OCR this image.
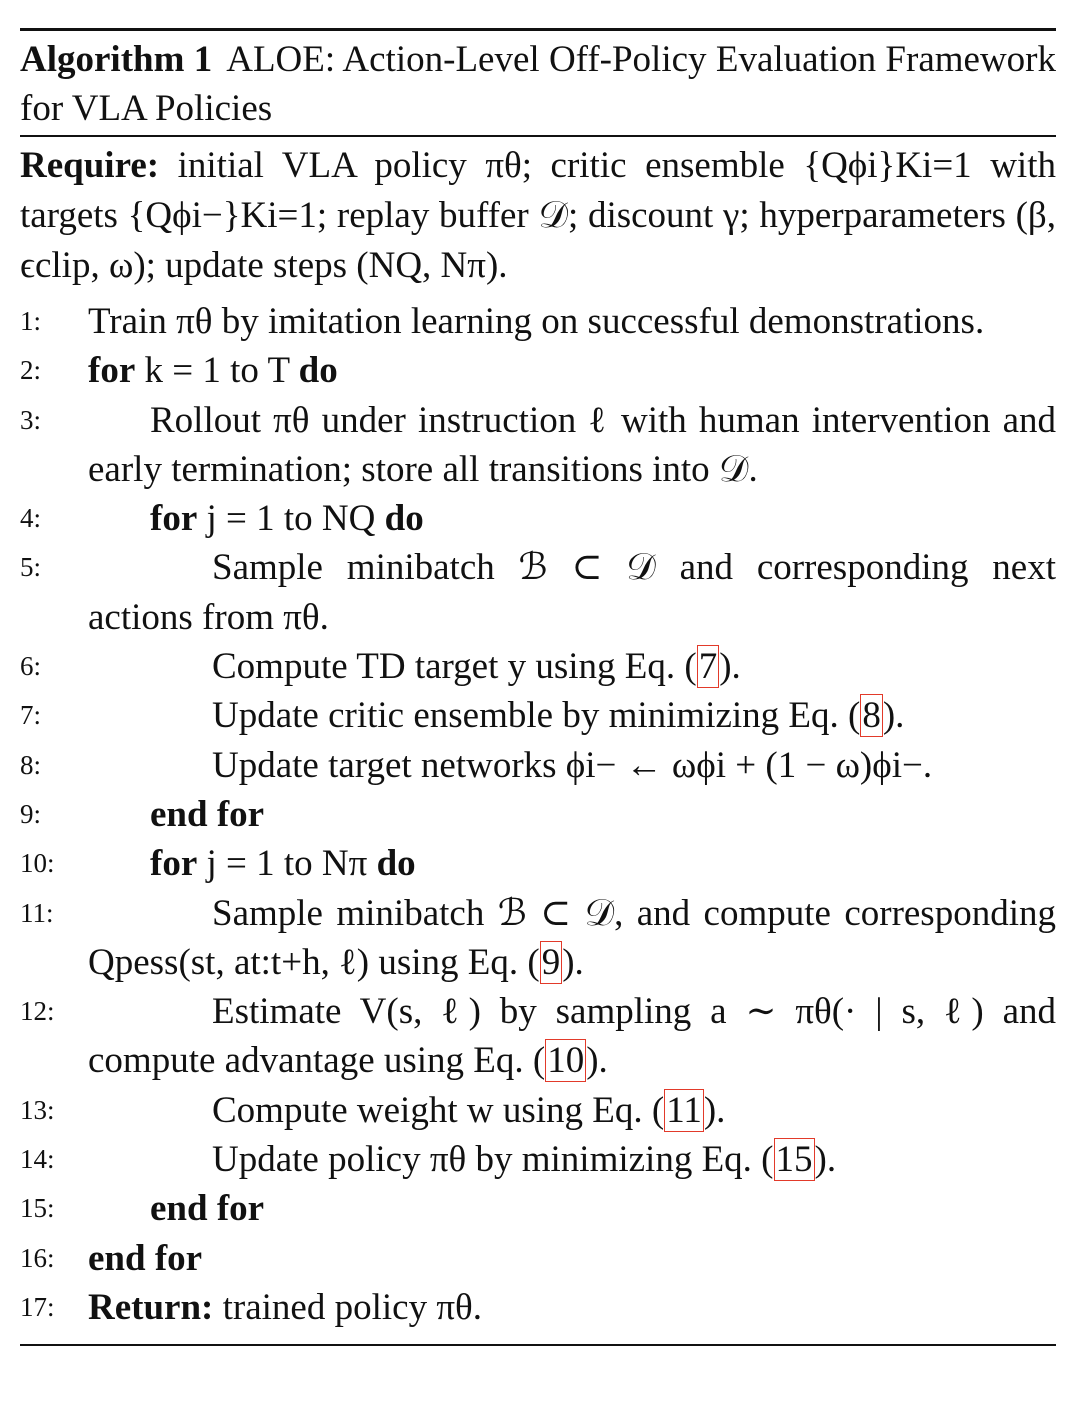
Algorithm 1 ALOE: Action-Level Off-Policy Evaluation Framework for VLA Policies
Require: initial VLA policy πθ; critic ensemble {Qϕi}Ki=1 with targets {Qϕi−}Ki=1; replay buffer 𝒟; discount γ; hyperparameters (β, ϵclip, ω); update steps (NQ, Nπ).
1:	Train πθ by imitation learning on successful demonstrations.
2:	for k = 1 to T do
3:	Rollout πθ under instruction ℓ with human intervention and early termination; store all transitions into 𝒟.
4:	for j = 1 to NQ do
5:	Sample minibatch ℬ ⊂ 𝒟 and corresponding next actions from πθ.
6:	Compute TD target y using Eq. (7).
7:	Update critic ensemble by minimizing Eq. (8).
8:	Update target networks ϕi− ← ωϕi + (1 − ω)ϕi−.
9:	end for
10:	for j = 1 to Nπ do
11:	Sample minibatch ℬ ⊂ 𝒟, and compute corresponding Qpess(st, at:t+h, ℓ) using Eq. (9).
12:	Estimate V(s, ℓ) by sampling a ∼ πθ(· | s, ℓ) and compute advantage using Eq. (10).
13:	Compute weight w using Eq. (11).
14:	Update policy πθ by minimizing Eq. (15).
15:	end for
16: end for
17: Return: trained policy πθ.
